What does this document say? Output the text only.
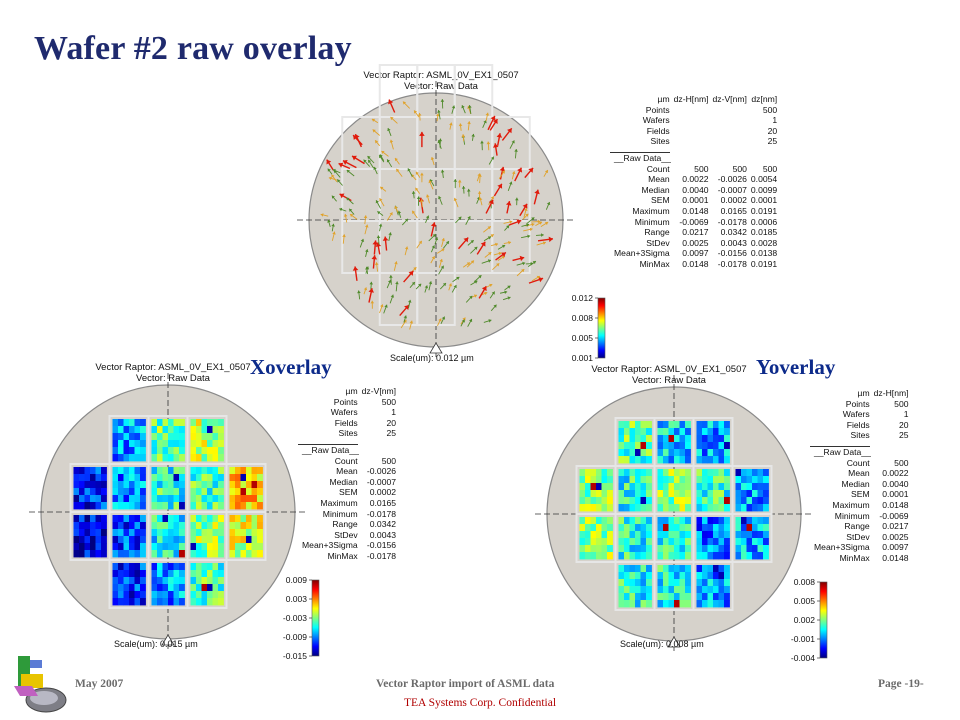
Wafer #2 raw overlay
Vector Raptor: ASML_0V_EX1_0507
Vector: Raw Data
µm	dz-H[nm]	dz-V[nm]	dz[nm]
Points			500
Wafers			1
Fields			20
Sites			25

__Raw Data__			
Count	500	500	500
Mean	0.0022	-0.0026	0.0054
Median	0.0040	-0.0007	0.0099
SEM	0.0001	0.0002	0.0001
Maximum	0.0148	0.0165	0.0191
Minimum	-0.0069	-0.0178	0.0006
Range	0.0217	0.0342	0.0185
StDev	0.0025	0.0043	0.0028
Mean+3Sigma	0.0097	-0.0156	0.0138
MinMax	0.0148	-0.0178	0.0191
0.012
0.008
0.005
0.001
Scale(um): 0.012 µm
Xoverlay	Yoverlay
Vector Raptor: ASML_0V_EX1_0507
Vector: Raw Data
µm	dz-V[nm]
Points	500
Wafers	1
Fields	20
Sites	25

__Raw Data__	
Count	500
Mean	-0.0026
Median	-0.0007
SEM	0.0002
Maximum	0.0165
Minimum	-0.0178
Range	0.0342
StDev	0.0043
Mean+3Sigma	-0.0156
MinMax	-0.0178
0.009
0.003
-0.003
-0.009
-0.015
Scale(um): 0.015 µm
Vector Raptor: ASML_0V_EX1_0507
Vector: Raw Data
µm	dz-H[nm]
Points	500
Wafers	1
Fields	20
Sites	25

__Raw Data__	
Count	500
Mean	0.0022
Median	0.0040
SEM	0.0001
Maximum	0.0148
Minimum	-0.0069
Range	0.0217
StDev	0.0025
Mean+3Sigma	0.0097
MinMax	0.0148
0.008
0.005
0.002
-0.001
-0.004
Scale(um): 0.008 µm
May 2007	Vector Raptor import of ASML data	Page -19-
TEA Systems Corp. Confidential
